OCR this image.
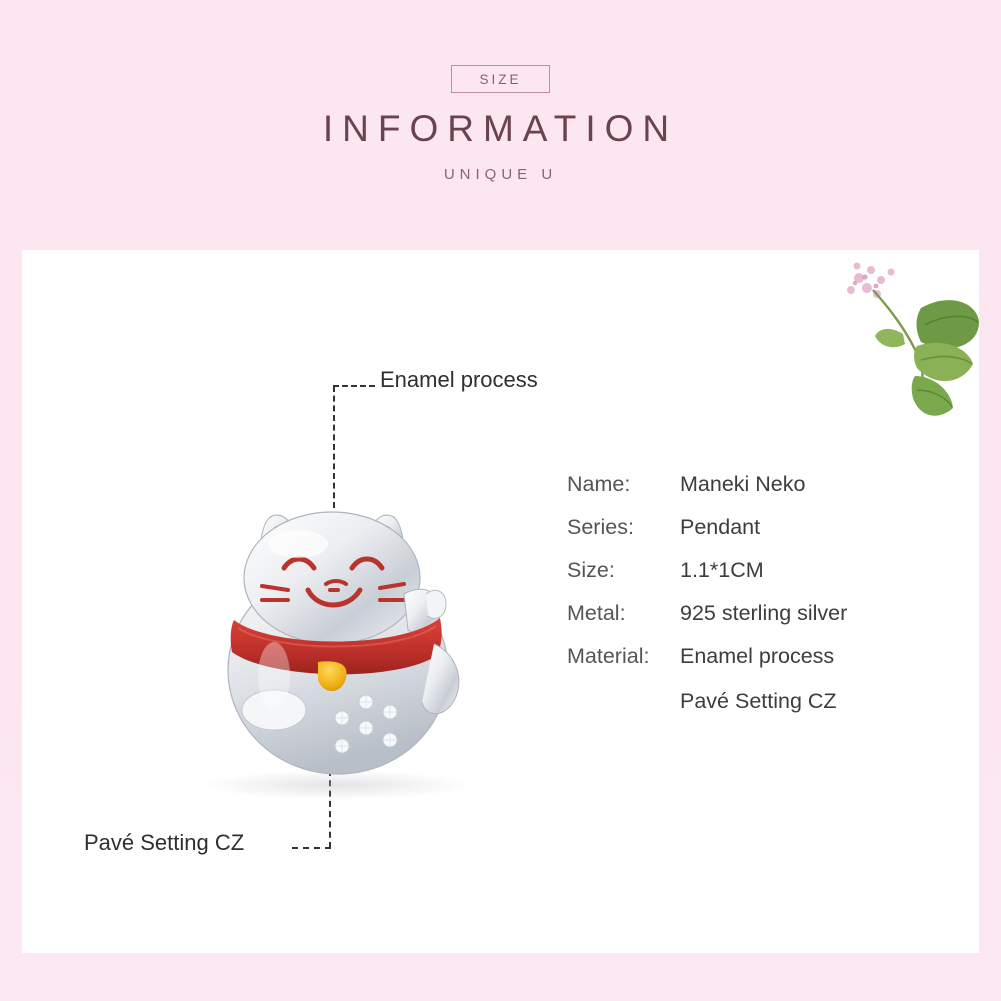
SIZE
INFORMATION
UNIQUE U
Enamel process
Pavé Setting CZ
Name:	Maneki Neko
Series:	Pendant
Size:	1.1*1CM
Metal:	925 sterling silver
Material:	Enamel process
Pavé Setting CZ
